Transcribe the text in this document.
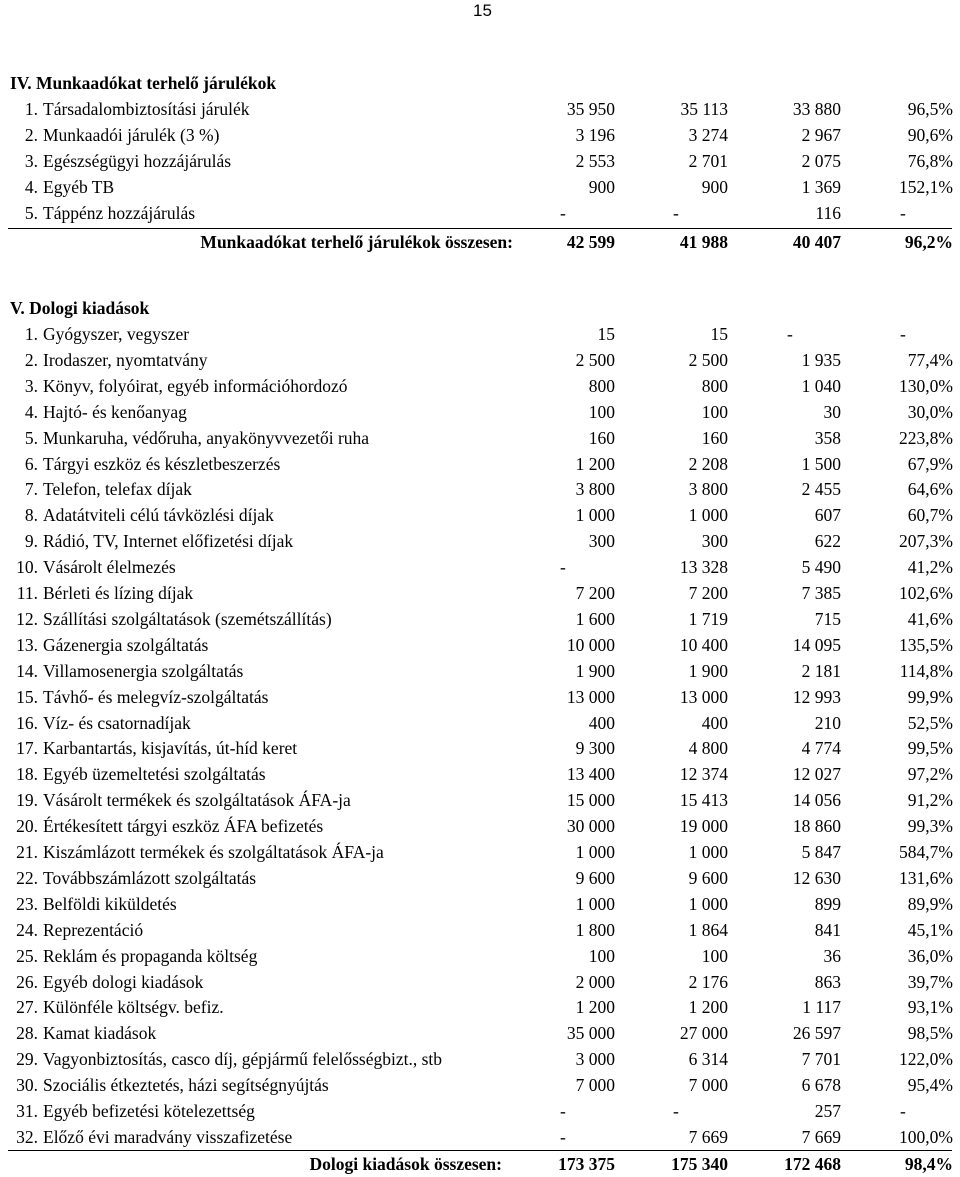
15
IV. Munkaadókat terhelő járulékok
1. Társadalombiztosítási járulék	35 950	35 113	33 880	96,5%
2. Munkaadói járulék (3 %)	3 196	3 274	2 967	90,6%
3. Egészségügyi hozzájárulás	2 553	2 701	2 075	76,8%
4. Egyéb TB	900	900	1 369	152,1%
5. Táppénz hozzájárulás	-	-	116	-
Munkaadókat terhelő járulékok összesen:	42 599	41 988	40 407	96,2%
V. Dologi kiadások
1. Gyógyszer, vegyszer	15	15	-	-
2. Irodaszer, nyomtatvány	2 500	2 500	1 935	77,4%
3. Könyv, folyóirat, egyéb információhordozó	800	800	1 040	130,0%
4. Hajtó- és kenőanyag	100	100	30	30,0%
5. Munkaruha, védőruha, anyakönyvvezetői ruha	160	160	358	223,8%
6. Tárgyi eszköz és készletbeszerzés	1 200	2 208	1 500	67,9%
7. Telefon, telefax díjak	3 800	3 800	2 455	64,6%
8. Adatátviteli célú távközlési díjak	1 000	1 000	607	60,7%
9. Rádió, TV, Internet előfizetési díjak	300	300	622	207,3%
10. Vásárolt élelmezés	-	13 328	5 490	41,2%
11. Bérleti és lízing díjak	7 200	7 200	7 385	102,6%
12. Szállítási szolgáltatások (szemétszállítás)	1 600	1 719	715	41,6%
13. Gázenergia szolgáltatás	10 000	10 400	14 095	135,5%
14. Villamosenergia szolgáltatás	1 900	1 900	2 181	114,8%
15. Távhő- és melegvíz-szolgáltatás	13 000	13 000	12 993	99,9%
16. Víz- és csatornadíjak	400	400	210	52,5%
17. Karbantartás, kisjavítás, út-híd keret	9 300	4 800	4 774	99,5%
18. Egyéb üzemeltetési szolgáltatás	13 400	12 374	12 027	97,2%
19. Vásárolt termékek és szolgáltatások ÁFA-ja	15 000	15 413	14 056	91,2%
20. Értékesített tárgyi eszköz ÁFA befizetés	30 000	19 000	18 860	99,3%
21. Kiszámlázott termékek és szolgáltatások ÁFA-ja	1 000	1 000	5 847	584,7%
22. Továbbszámlázott szolgáltatás	9 600	9 600	12 630	131,6%
23. Belföldi kiküldetés	1 000	1 000	899	89,9%
24. Reprezentáció	1 800	1 864	841	45,1%
25. Reklám és propaganda költség	100	100	36	36,0%
26. Egyéb dologi kiadások	2 000	2 176	863	39,7%
27. Különféle költségv. befiz.	1 200	1 200	1 117	93,1%
28. Kamat kiadások	35 000	27 000	26 597	98,5%
29. Vagyonbiztosítás, casco díj, gépjármű felelősségbizt., stb	3 000	6 314	7 701	122,0%
30. Szociális étkeztetés, házi segítségnyújtás	7 000	7 000	6 678	95,4%
31. Egyéb befizetési kötelezettség	-	-	257	-
32. Előző évi maradvány visszafizetése	-	7 669	7 669	100,0%
Dologi kiadások összesen:	173 375	175 340	172 468	98,4%
